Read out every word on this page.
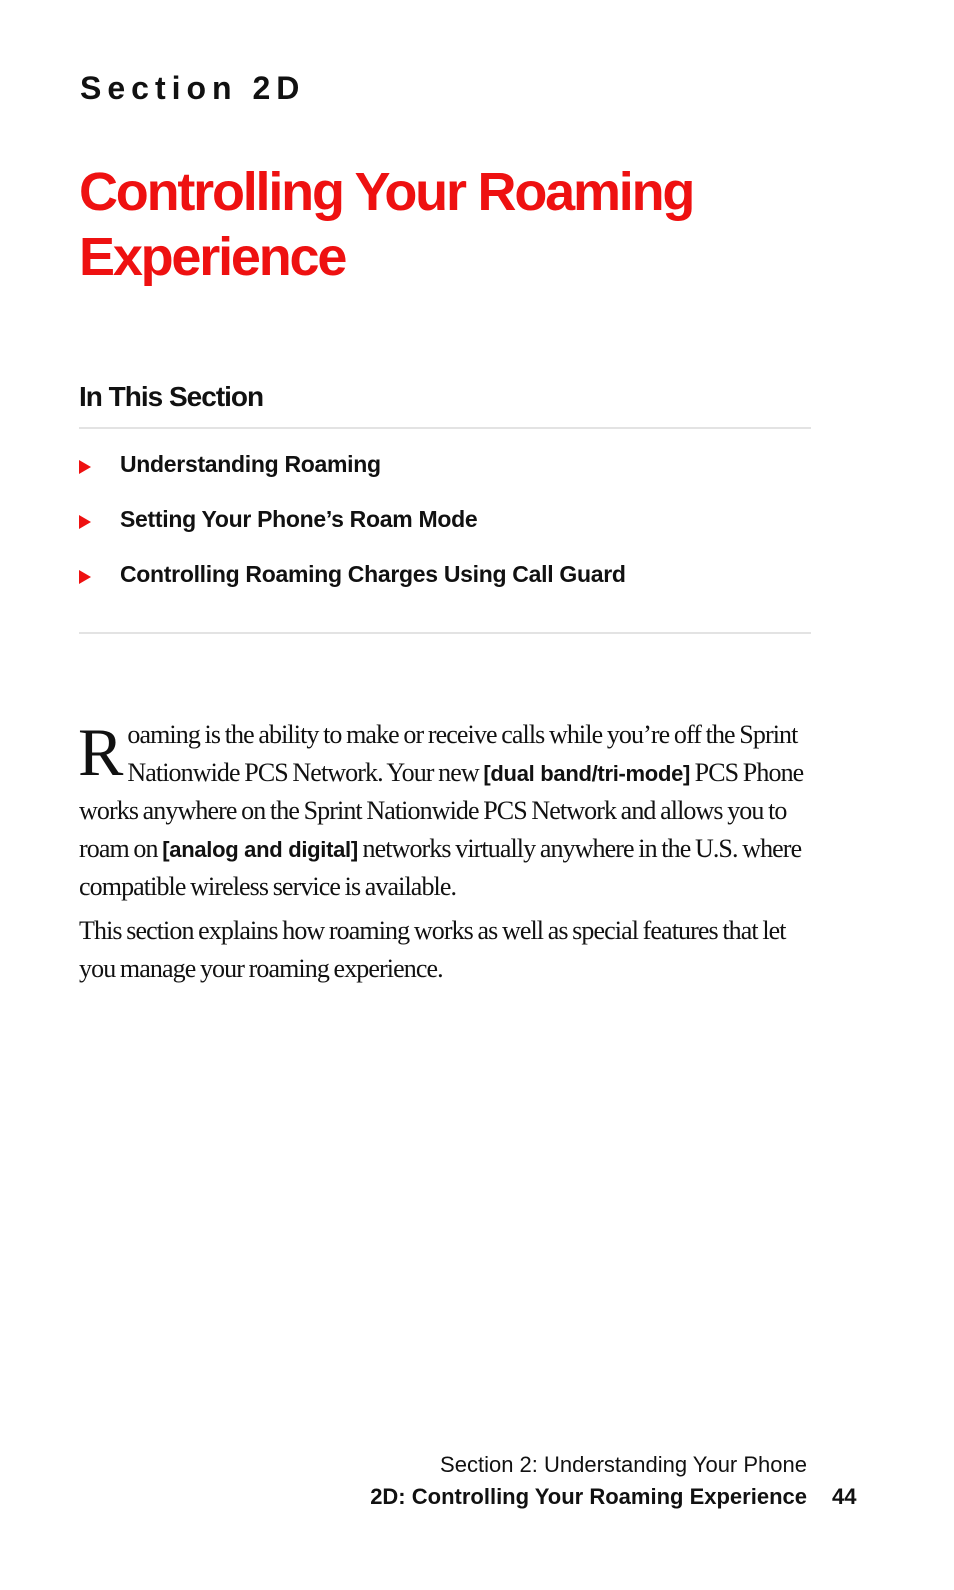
Section 2D
Controlling Your Roaming
Experience
In This Section
Understanding Roaming
Setting Your Phone’s Roam Mode
Controlling Roaming Charges Using Call Guard

Roaming is the ability to make or receive calls while you’re off the Sprint Nationwide PCS Network. Your new [dual band/tri-mode] PCS Phone works anywhere on the Sprint Nationwide PCS Network and allows you to roam on [analog and digital] networks virtually anywhere in the U.S. where compatible wireless service is available.

This section explains how roaming works as well as special features that let you manage your roaming experience.

Section 2: Understanding Your Phone
2D: Controlling Your Roaming Experience 44
